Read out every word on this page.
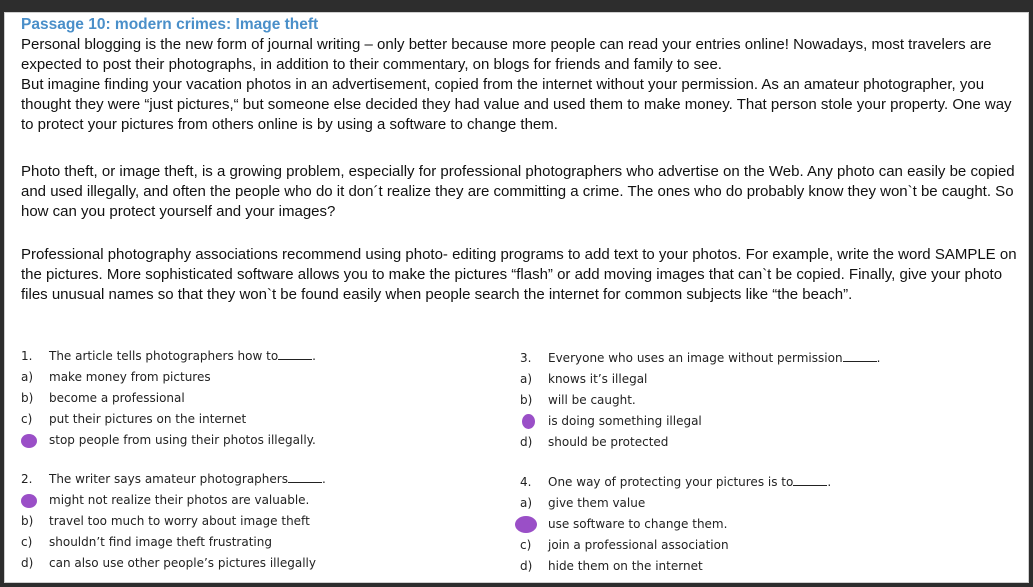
Passage 10: modern crimes: Image theft
Personal blogging is the new form of journal writing – only better because more people can read your entries online! Nowadays, most travelers are expected to post their photographs, in addition to their commentary, on blogs for friends and family to see.
But imagine finding your vacation photos in an advertisement, copied from the internet without your permission. As an amateur photographer, you thought they were “just pictures,“ but someone else decided they had value and used them to make money. That person stole your property. One way to protect your pictures from others online is by using a software to change them.
Photo theft, or image theft, is a growing problem, especially for professional photographers who advertise on the Web. Any photo can easily be copied and used illegally, and often the people who do it don´t realize they are committing a crime. The ones who do probably know they won`t be caught. So how can you protect yourself and your images?
Professional photography associations recommend using photo- editing programs to add text to your photos. For example, write the word SAMPLE on the pictures. More sophisticated software allows you to make the pictures “flash” or add moving images that can`t be copied. Finally, give your photo files unusual names so that they won`t be found easily when people search the internet for common subjects like “the beach”.
1.	The article tells photographers how to	.
a)	make money from pictures
b)	become a professional
c)	put their pictures on the internet
stop people from using their photos illegally.
2.	The writer says amateur photographers	.
might not realize their photos are valuable.
b)	travel too much to worry about image theft
c)	shouldn’t find image theft frustrating
d)	can also use other people’s pictures illegally
3.	Everyone who uses an image without permission	.
a)	knows it’s illegal
b)	will be caught.
is doing something illegal
d)	should be protected
4.	One way of protecting your pictures is to	.
a)	give them value
use software to change them.
c)	join a professional association
d)	hide them on the internet
